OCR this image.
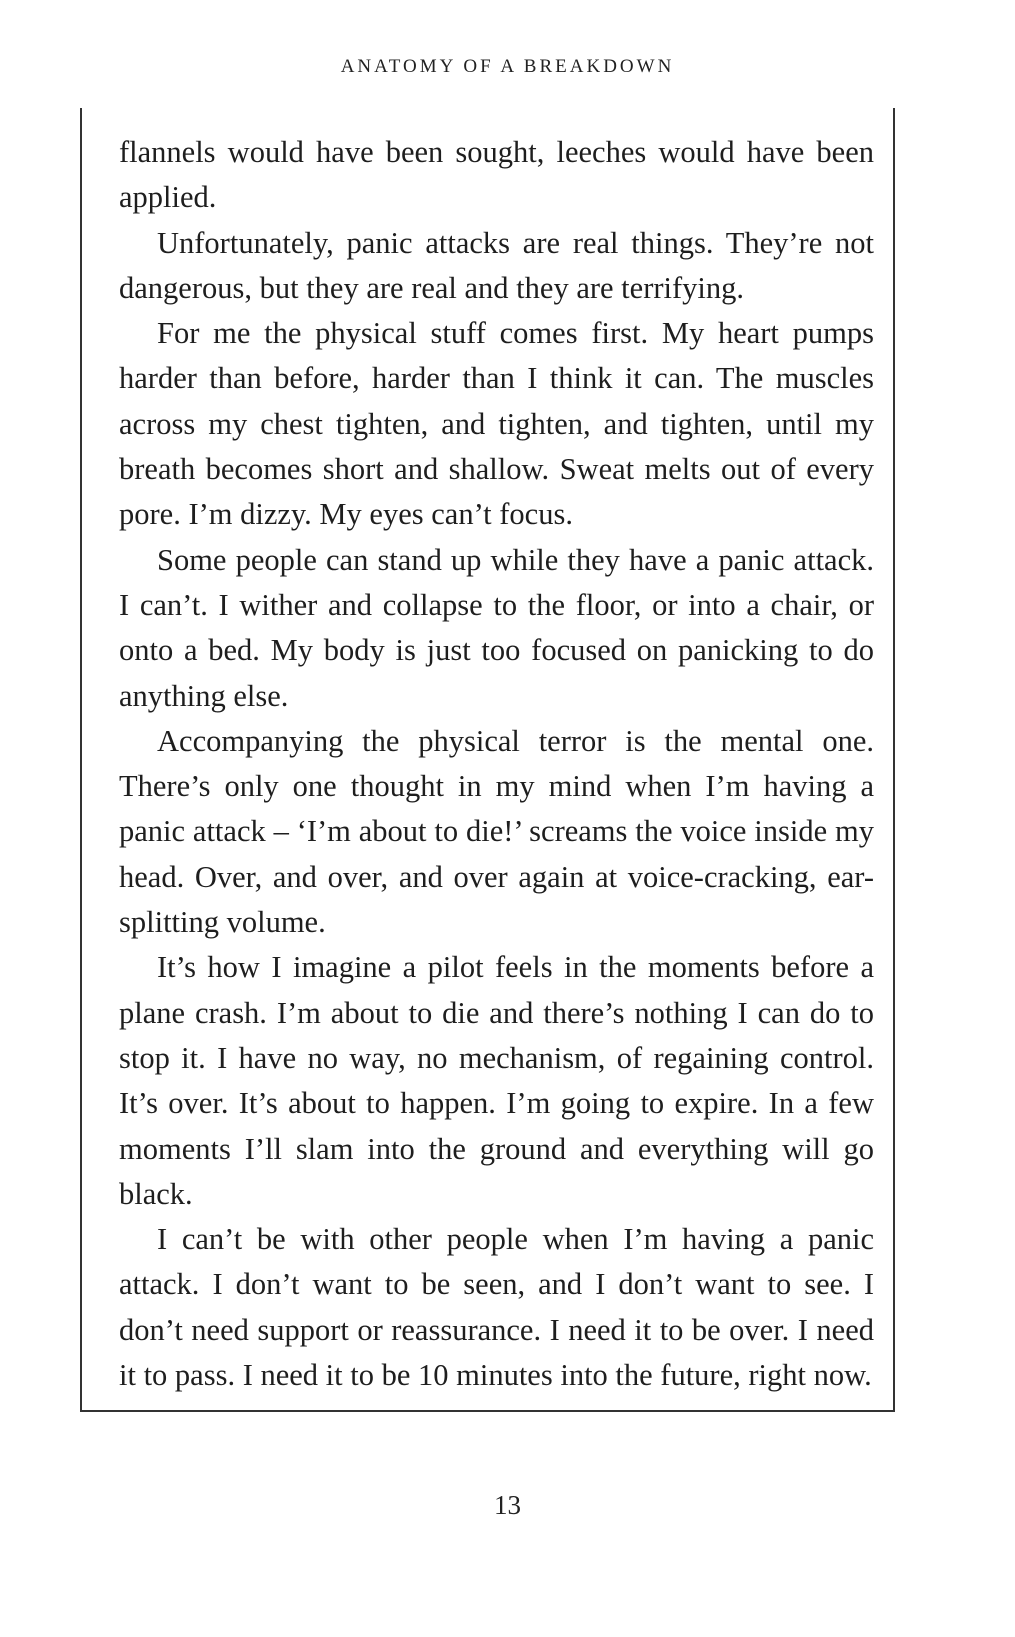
ANATOMY OF A BREAKDOWN

flannels would have been sought, leeches would have been applied.

Unfortunately, panic attacks are real things. They’re not dangerous, but they are real and they are terrifying.

For me the physical stuff comes first. My heart pumps harder than before, harder than I think it can. The muscles across my chest tighten, and tighten, and tighten, until my breath becomes short and shallow. Sweat melts out of every pore. I’m dizzy. My eyes can’t focus.

Some people can stand up while they have a panic attack. I can’t. I wither and collapse to the floor, or into a chair, or onto a bed. My body is just too focused on panicking to do anything else.

Accompanying the physical terror is the mental one. There’s only one thought in my mind when I’m having a panic attack – ‘I’m about to die!’ screams the voice inside my head. Over, and over, and over again at voice-cracking, ear-splitting volume.

It’s how I imagine a pilot feels in the moments before a plane crash. I’m about to die and there’s nothing I can do to stop it. I have no way, no mechanism, of regaining control. It’s over. It’s about to happen. I’m going to expire. In a few moments I’ll slam into the ground and everything will go black.

I can’t be with other people when I’m having a panic attack. I don’t want to be seen, and I don’t want to see. I don’t need support or reassurance. I need it to be over. I need it to pass. I need it to be 10 minutes into the future, right now.

13
